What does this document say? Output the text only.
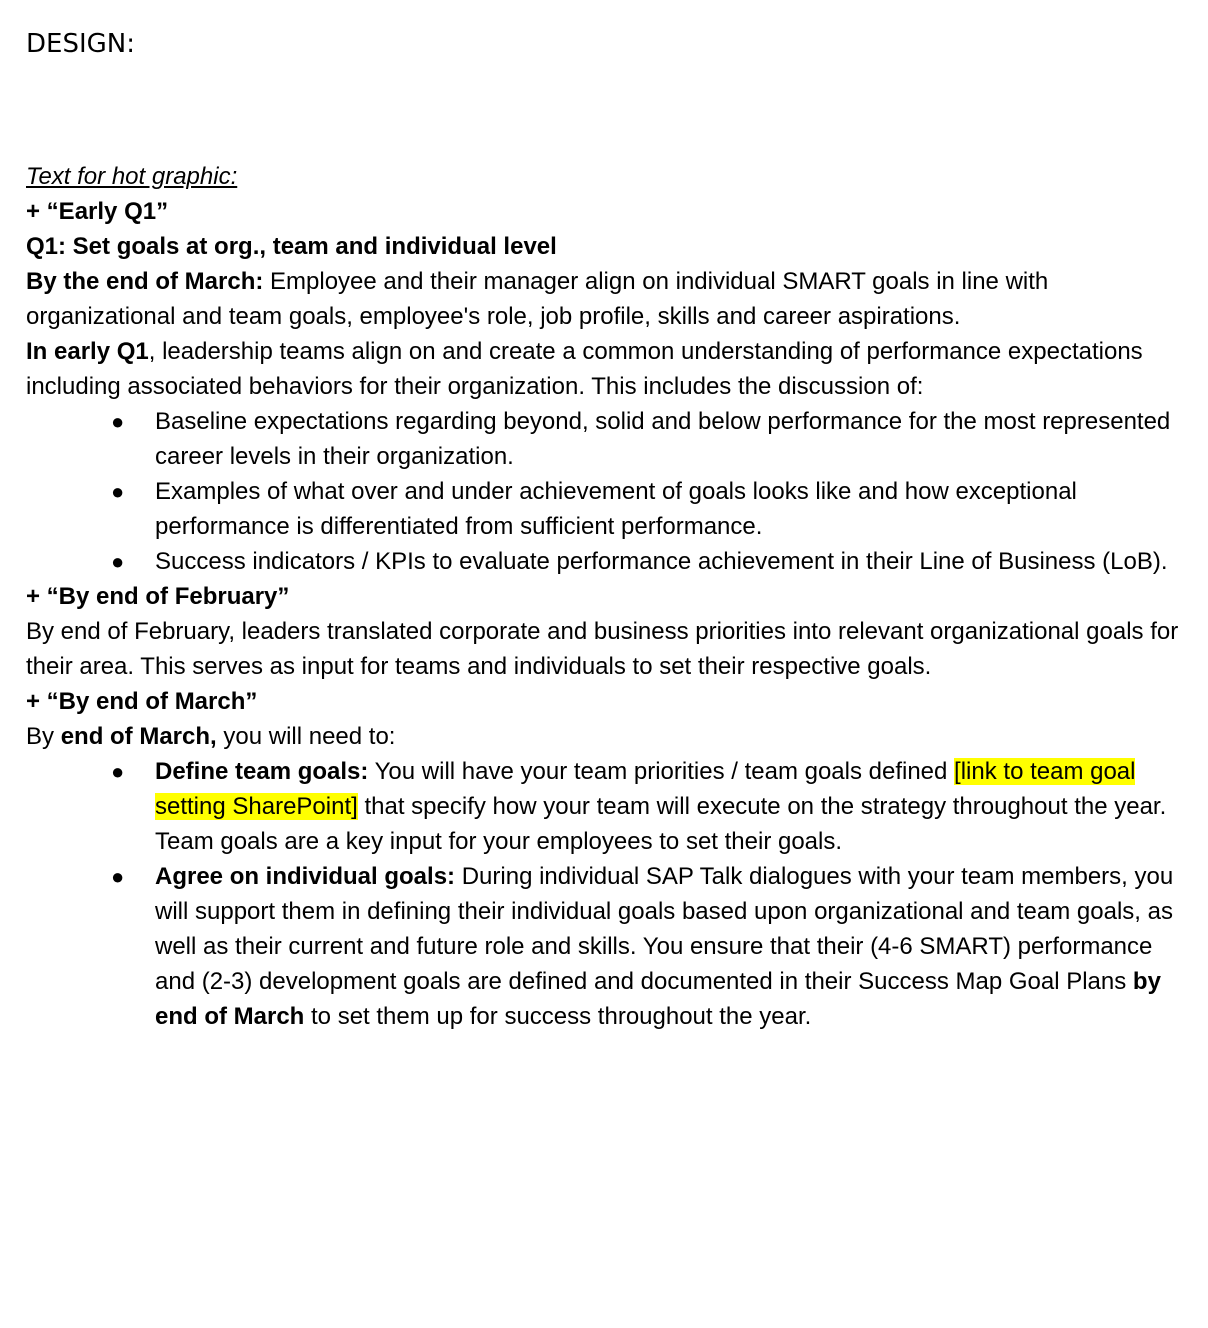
DESIGN:

Text for hot graphic:

+ “Early Q1”

Q1: Set goals at org., team and individual level

By the end of March: Employee and their manager align on individual SMART goals in line with organizational and team goals, employee's role, job profile, skills and career aspirations.

In early Q1, leadership teams align on and create a common understanding of performance expectations including associated behaviors for their organization. This includes the discussion of:

● Baseline expectations regarding beyond, solid and below performance for the most represented career levels in their organization.
● Examples of what over and under achievement of goals looks like and how exceptional performance is differentiated from sufficient performance.
● Success indicators / KPIs to evaluate performance achievement in their Line of Business (LoB).

+ “By end of February”

By end of February, leaders translated corporate and business priorities into relevant organizational goals for their area. This serves as input for teams and individuals to set their respective goals.

+ “By end of March”

By end of March, you will need to:

● Define team goals: You will have your team priorities / team goals defined [link to team goal setting SharePoint] that specify how your team will execute on the strategy throughout the year. Team goals are a key input for your employees to set their goals.
● Agree on individual goals: During individual SAP Talk dialogues with your team members, you will support them in defining their individual goals based upon organizational and team goals, as well as their current and future role and skills. You ensure that their (4-6 SMART) performance and (2-3) development goals are defined and documented in their Success Map Goal Plans by end of March to set them up for success throughout the year.
